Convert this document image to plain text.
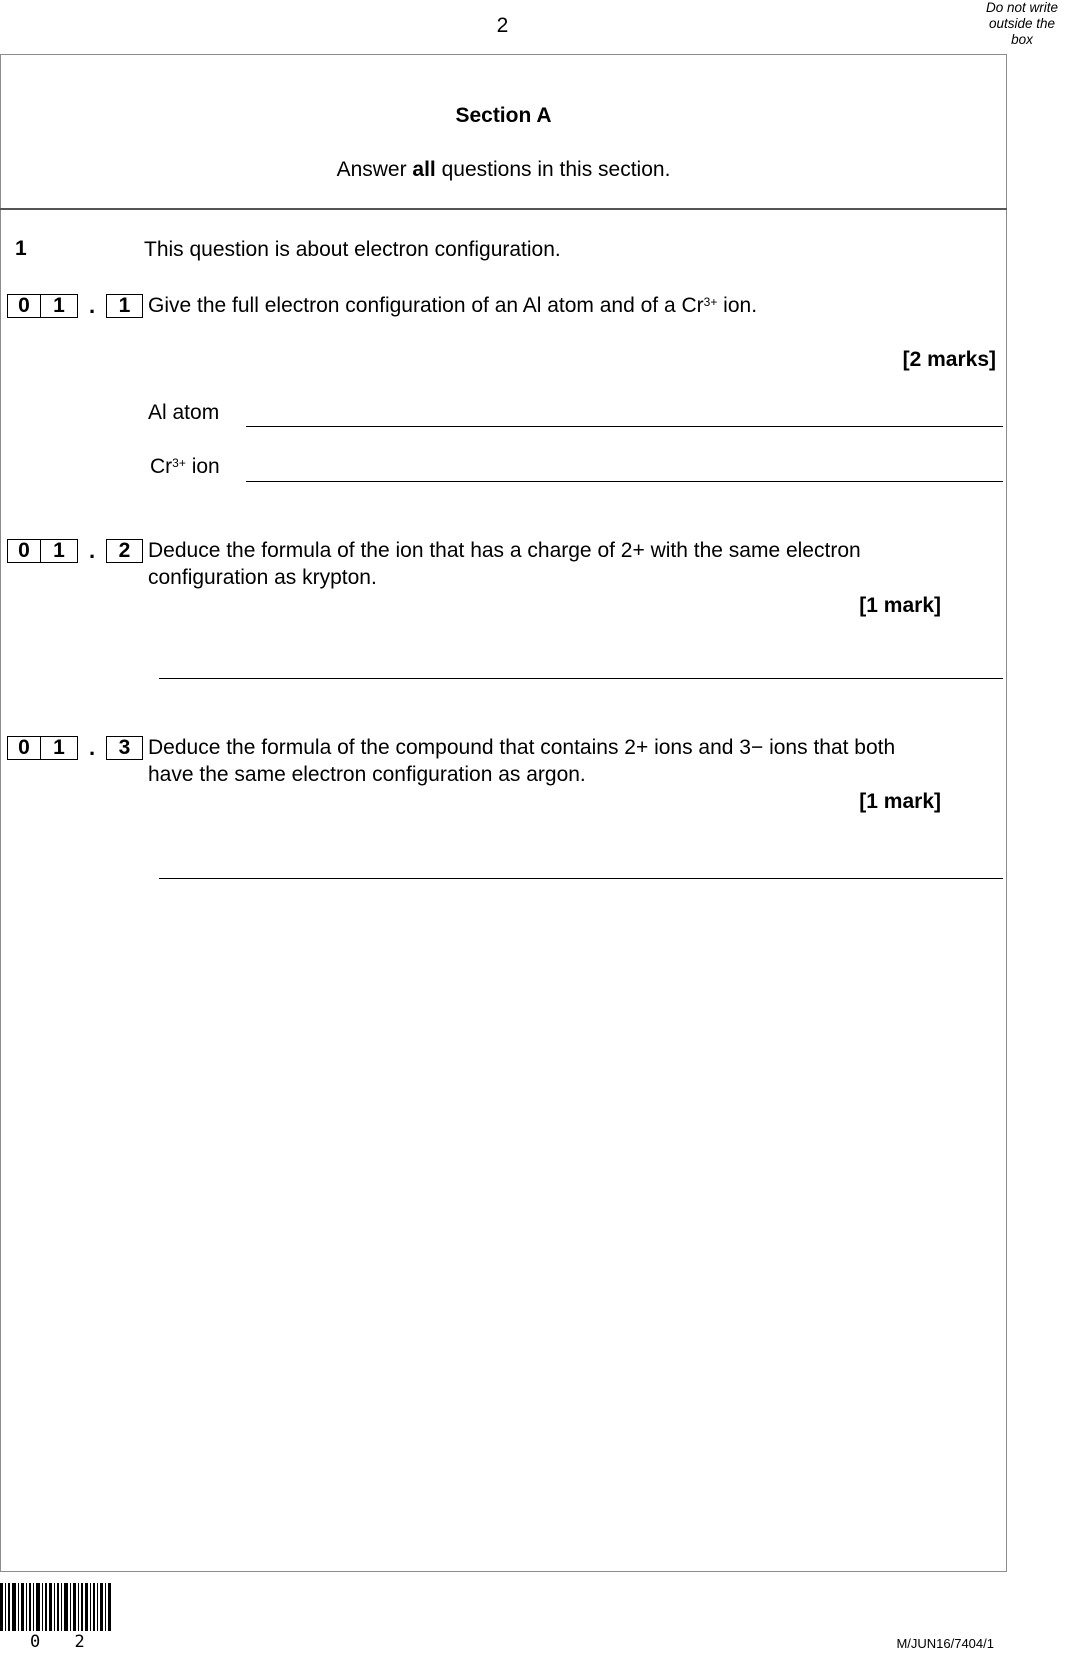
2
Do not write outside the box
Section A
Answer all questions in this section.
1	This question is about electron configuration.
0	1	.	1 Give the full electron configuration of an Al atom and of a $Cr^{3+}$ ion.
[2 marks]
Al atom
$Cr^{3+}$ ion
0	1	.	2 Deduce the formula of the ion that has a charge of 2+ with the same electron
configuration as krypton.
[1 mark]
0	1	.	3 Deduce the formula of the compound that contains 2+ ions and 3− ions that both
have the same electron configuration as argon.
[1 mark]
0 2	M/JUN16/7404/1
